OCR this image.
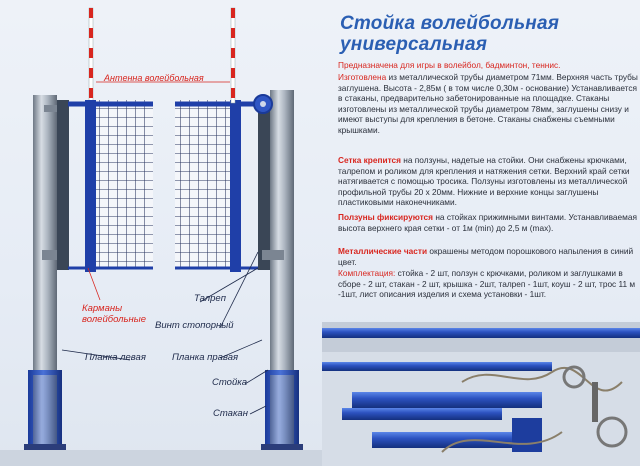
Антенна волейбольная
Карманы
волейбольные
Талреп
Винт стопорный
Планка левая	Планка правая
Стойка
Стакан
Стойка волейбольная
универсальная
Предназначена для игры в волейбол, бадминтон, теннис.
Изготовлена из металлической трубы диаметром 71мм. Верхняя часть трубы заглушена. Высота - 2,85м ( в том числе 0,30м - основание) Устанавливается в стаканы, предварительно забетонированные на площадке. Стаканы изготовлены из металлической трубы диаметром 78мм, заглушены снизу и имеют выступы для крепления в бетоне. Стаканы снабжены съемными крышками.
Сетка крепится на ползуны, надетые на стойки. Они снабжены крючками, талрепом и роликом для крепления и натяжения сетки. Верхний край сетки натягивается с помощью тросика. Ползуны изготовлены из металлической профильной трубы 20 х 20мм. Нижние и верхние концы заглушены пластиковыми наконечниками.
Ползуны фиксируются на стойках прижимными винтами. Устанавливаемая высота верхнего края сетки - от 1м (min) до 2,5 м (max).
Металлические части окрашены методом порошкового напыления в синий цвет.
Комплектация: стойка - 2 шт, ползун с крючками, роликом и заглушками в сборе - 2 шт, стакан - 2 шт, крышка - 2шт, талреп - 1шт, коуш - 2 шт, трос 11 м -1шт, лист описания изделия и схема установки - 1шт.
